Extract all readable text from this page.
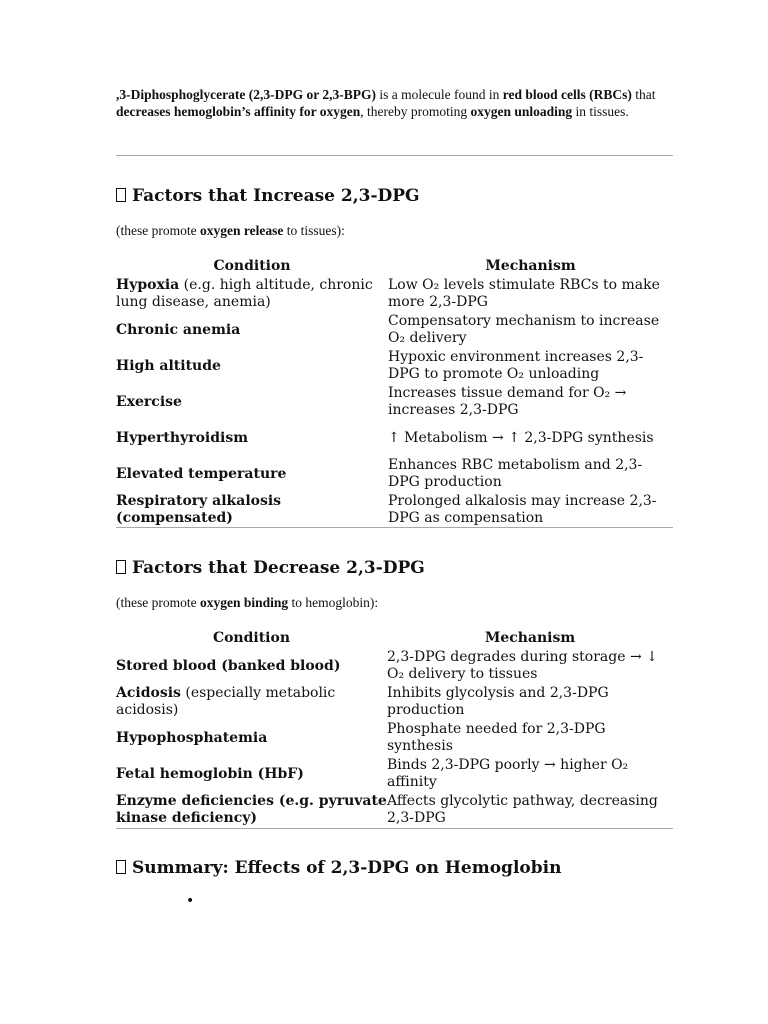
,3-Diphosphoglycerate (2,3-DPG or 2,3-BPG) is a molecule found in red blood cells (RBCs) that decreases hemoglobin’s affinity for oxygen, thereby promoting oxygen unloading in tissues.

Factors that Increase 2,3-DPG
(these promote oxygen release to tissues):
Condition	Mechanism
Hypoxia (e.g. high altitude, chronic lung disease, anemia)	Low O₂ levels stimulate RBCs to make more 2,3-DPG
Chronic anemia	Compensatory mechanism to increase O₂ delivery
High altitude	Hypoxic environment increases 2,3-DPG to promote O₂ unloading
Exercise	Increases tissue demand for O₂ → increases 2,3-DPG
Hyperthyroidism	↑ Metabolism → ↑ 2,3-DPG synthesis
Elevated temperature	Enhances RBC metabolism and 2,3-DPG production
Respiratory alkalosis (compensated)	Prolonged alkalosis may increase 2,3-DPG as compensation
Factors that Decrease 2,3-DPG
(these promote oxygen binding to hemoglobin):
Condition	Mechanism
Stored blood (banked blood)	2,3-DPG degrades during storage → ↓ O₂ delivery to tissues
Acidosis (especially metabolic acidosis)	Inhibits glycolysis and 2,3-DPG production
Hypophosphatemia	Phosphate needed for 2,3-DPG synthesis
Fetal hemoglobin (HbF)	Binds 2,3-DPG poorly → higher O₂ affinity
Enzyme deficiencies (e.g. pyruvate kinase deficiency)	Affects glycolytic pathway, decreasing 2,3-DPG
Summary: Effects of 2,3-DPG on Hemoglobin
•
